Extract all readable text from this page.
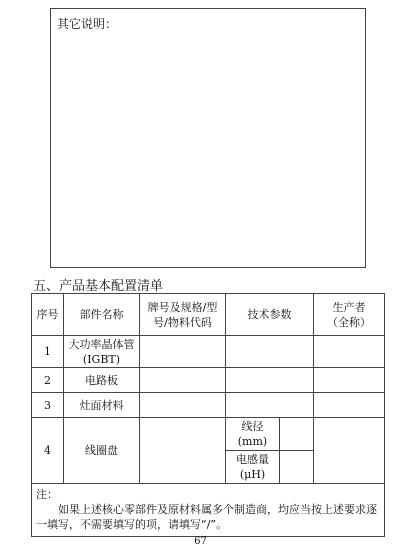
其它说明：
五、产品基本配置清单
序号	部件名称	牌号及规格/型
号/物料代码	技术参数		生产者
（全称）
1	大功率晶体管
(IGBT)				
2	电路板				
3	灶面材料				
4	线圈盘		线径
(mm)		
			电感量
(μH)		

注：
如果上述核心零部件及原材料属多个制造商，均应当按上述要求逐一填写，不需要填写的项，请填写“/”。					
67
